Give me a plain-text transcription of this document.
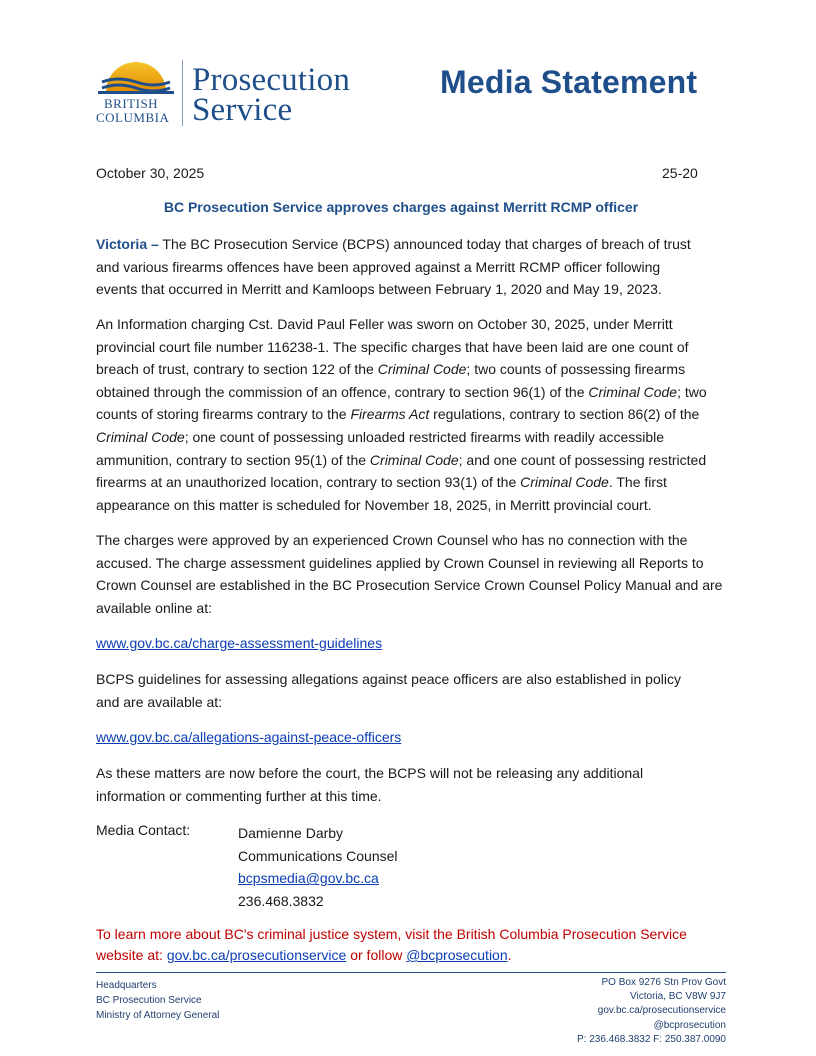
BRITISH
COLUMBIA
Prosecution
Service
Media Statement
October 30, 2025	25-20
BC Prosecution Service approves charges against Merritt RCMP officer
Victoria – The BC Prosecution Service (BCPS) announced today that charges of breach of trust and various firearms offences have been approved against a Merritt RCMP officer following events that occurred in Merritt and Kamloops between February 1, 2020 and May 19, 2023.
An Information charging Cst. David Paul Feller was sworn on October 30, 2025, under Merritt provincial court file number 116238-1. The specific charges that have been laid are one count of breach of trust, contrary to section 122 of the Criminal Code; two counts of possessing firearms obtained through the commission of an offence, contrary to section 96(1) of the Criminal Code; two counts of storing firearms contrary to the Firearms Act regulations, contrary to section 86(2) of the Criminal Code; one count of possessing unloaded restricted firearms with readily accessible ammunition, contrary to section 95(1) of the Criminal Code; and one count of possessing restricted firearms at an unauthorized location, contrary to section 93(1) of the Criminal Code. The first appearance on this matter is scheduled for November 18, 2025, in Merritt provincial court.
The charges were approved by an experienced Crown Counsel who has no connection with the accused. The charge assessment guidelines applied by Crown Counsel in reviewing all Reports to Crown Counsel are established in the BC Prosecution Service Crown Counsel Policy Manual and are available online at:
www.gov.bc.ca/charge-assessment-guidelines
BCPS guidelines for assessing allegations against peace officers are also established in policy and are available at:
www.gov.bc.ca/allegations-against-peace-officers
As these matters are now before the court, the BCPS will not be releasing any additional information or commenting further at this time.
Media Contact:	Damienne Darby
Communications Counsel
bcpsmedia@gov.bc.ca
236.468.3832
To learn more about BC's criminal justice system, visit the British Columbia Prosecution Service website at: gov.bc.ca/prosecutionservice or follow @bcprosecution.
Headquarters
BC Prosecution Service
Ministry of Attorney General
PO Box 9276 Stn Prov Govt
Victoria, BC V8W 9J7
gov.bc.ca/prosecutionservice
@bcprosecution
P: 236.468.3832 F: 250.387.0090
